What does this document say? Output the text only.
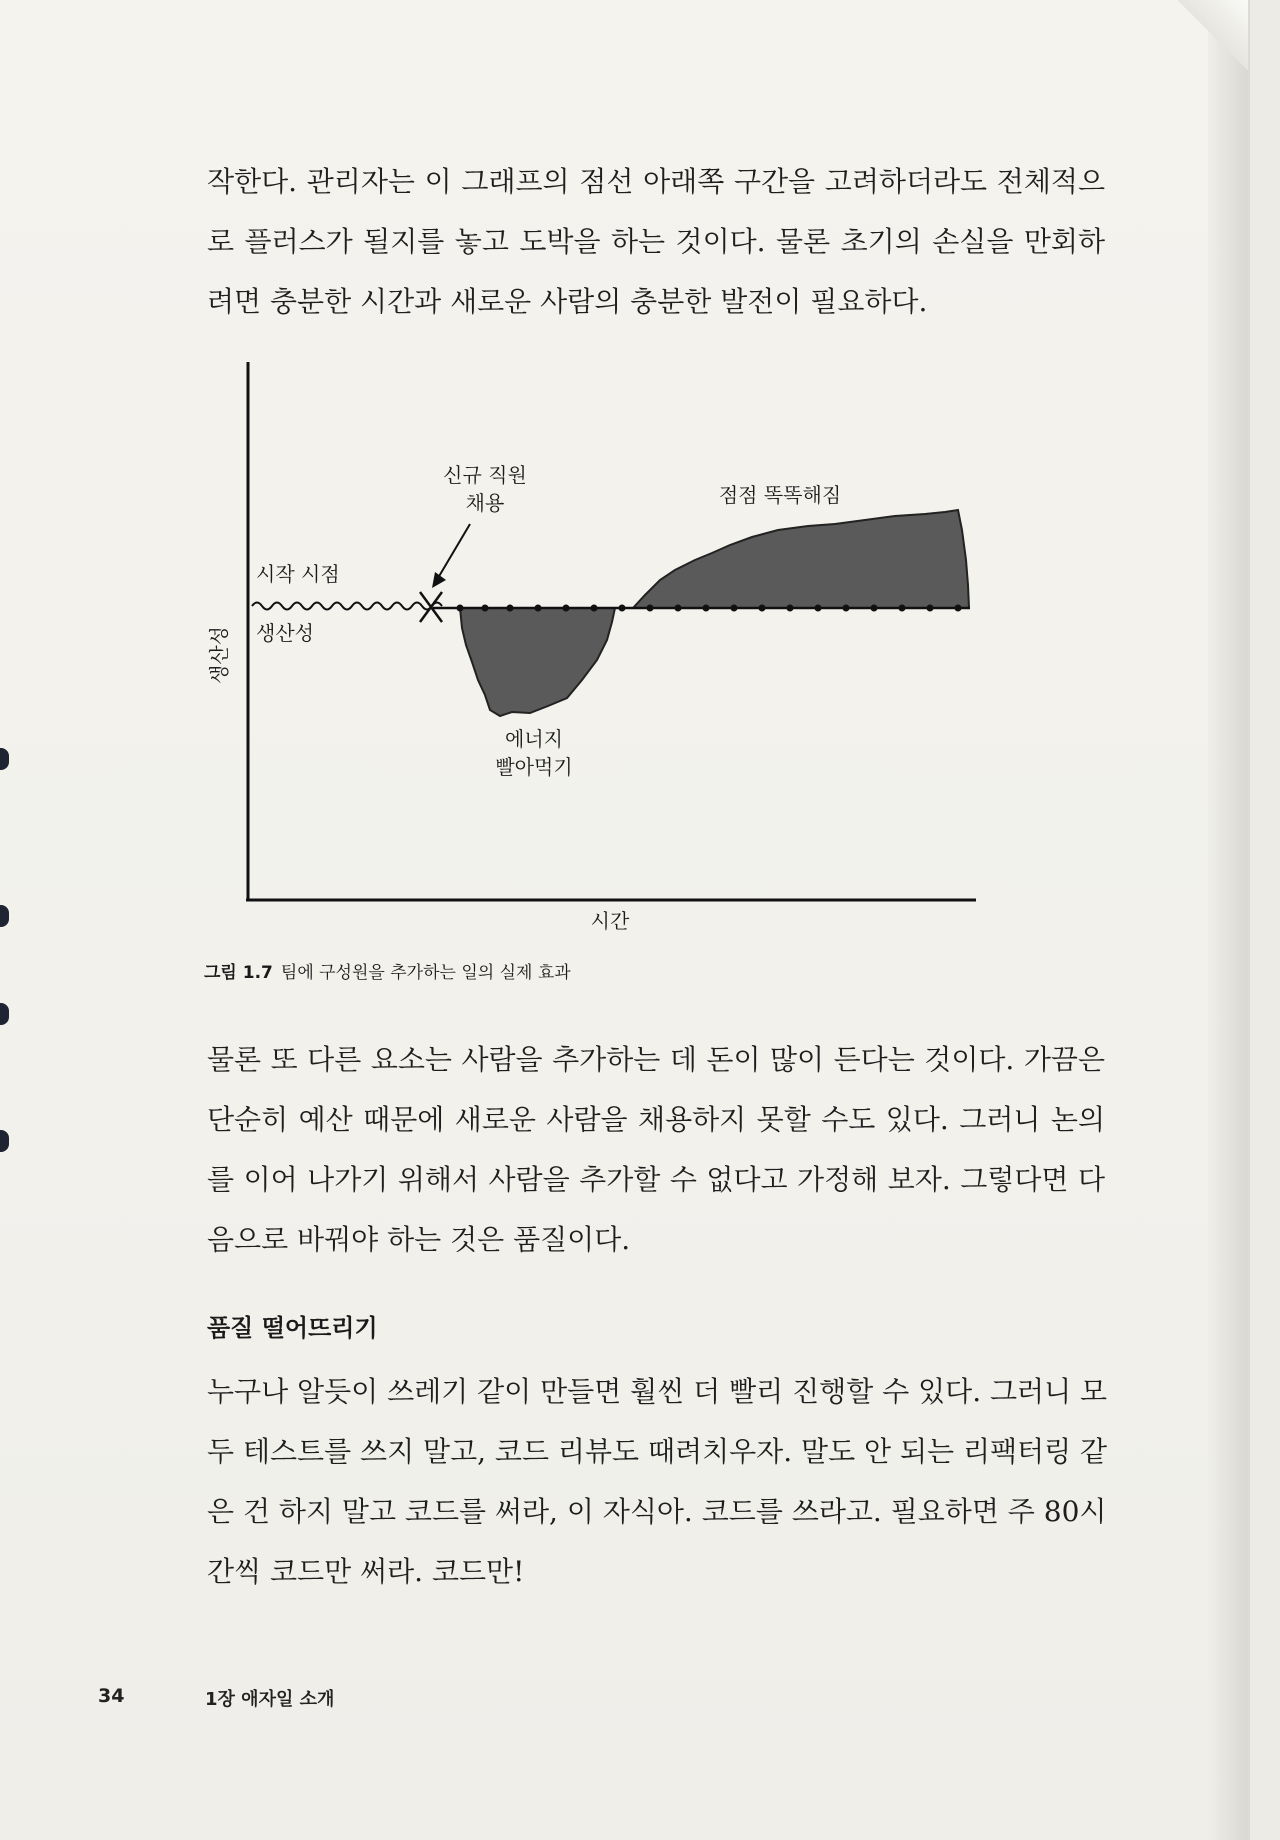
작한다. 관리자는 이 그래프의 점선 아래쪽 구간을 고려하더라도 전체적으
로 플러스가 될지를 놓고 도박을 하는 것이다. 물론 초기의 손실을 만회하
려면 충분한 시간과 새로운 사람의 충분한 발전이 필요하다.
신규 직원
채용	점점 똑똑해짐
시작 시점
생산성
에너지
빨아먹기
시간
생산성
그림 1.7 팀에 구성원을 추가하는 일의 실제 효과
물론 또 다른 요소는 사람을 추가하는 데 돈이 많이 든다는 것이다. 가끔은
단순히 예산 때문에 새로운 사람을 채용하지 못할 수도 있다. 그러니 논의
를 이어 나가기 위해서 사람을 추가할 수 없다고 가정해 보자. 그렇다면 다
음으로 바꿔야 하는 것은 품질이다.
품질 떨어뜨리기
누구나 알듯이 쓰레기 같이 만들면 훨씬 더 빨리 진행할 수 있다. 그러니 모
두 테스트를 쓰지 말고, 코드 리뷰도 때려치우자. 말도 안 되는 리팩터링 같
은 건 하지 말고 코드를 써라, 이 자식아. 코드를 쓰라고. 필요하면 주 80시
간씩 코드만 써라. 코드만!
34	1장 애자일 소개
